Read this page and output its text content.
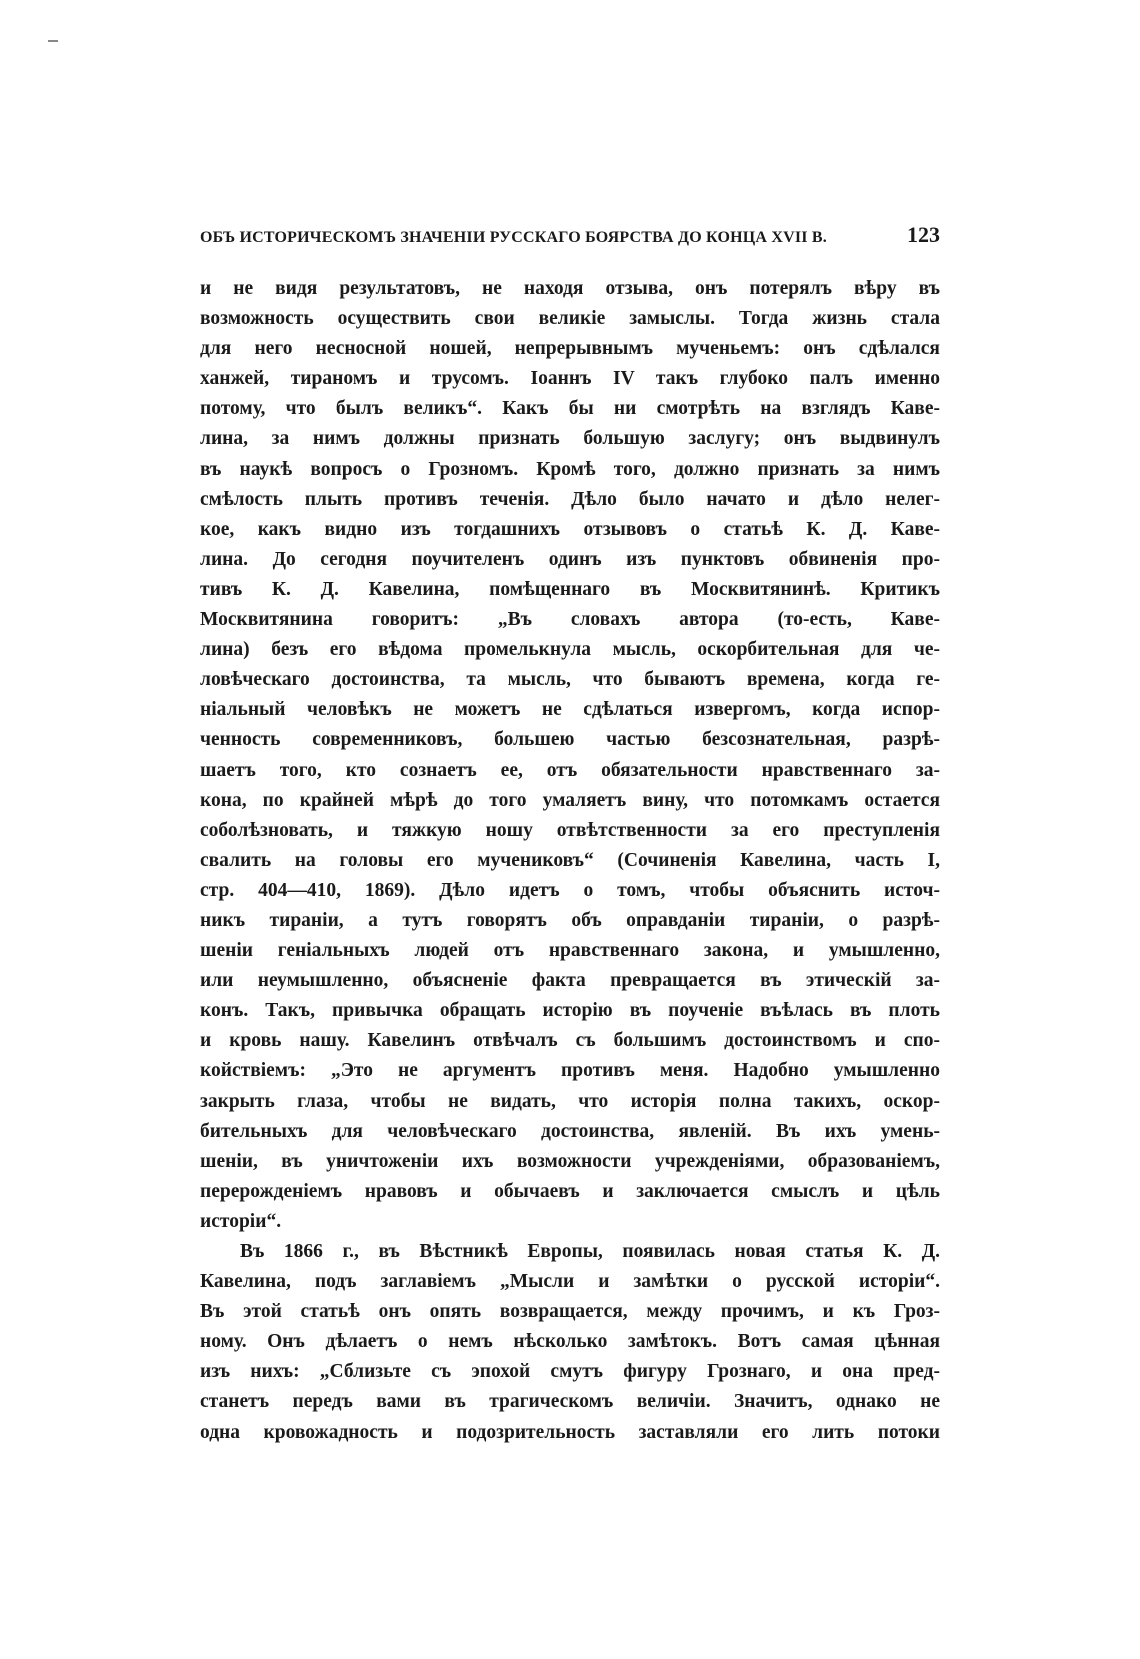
ОБЪ ИСТОРИЧЕСКОМЪ ЗНАЧЕНІИ РУССКАГО БОЯРСТВА ДО КОНЦА XVII В.	123
и не видя результатовъ, не находя отзыва, онъ потерялъ вѣру въ
возможность осуществить свои великіе замыслы. Тогда жизнь стала
для него несносной ношей, непрерывнымъ мученьемъ: онъ сдѣлался
ханжей, тираномъ и трусомъ. Іоаннъ IV такъ глубоко палъ именно
потому, что былъ великъ“. Какъ бы ни смотрѣть на взглядъ Каве-
лина, за нимъ должны признать большую заслугу; онъ выдвинулъ
въ наукѣ вопросъ о Грозномъ. Кромѣ того, должно признать за нимъ
смѣлость плыть противъ теченія. Дѣло было начато и дѣло нелег-
кое, какъ видно изъ тогдашнихъ отзывовъ о статьѣ К. Д. Каве-
лина. До сегодня поучителенъ одинъ изъ пунктовъ обвиненія про-
тивъ К. Д. Кавелина, помѣщеннаго въ Москвитянинѣ. Критикъ
Москвитянина говоритъ: „Въ словахъ автора (то-есть, Каве-
лина) безъ его вѣдома промелькнула мысль, оскорбительная для че-
ловѣческаго достоинства, та мысль, что бываютъ времена, когда ге-
ніальный человѣкъ не можетъ не сдѣлаться извергомъ, когда испор-
ченность современниковъ, большею частью безсознательная, разрѣ-
шаетъ того, кто сознаетъ ее, отъ обязательности нравственнаго за-
кона, по крайней мѣрѣ до того умаляетъ вину, что потомкамъ остается
соболѣзновать, и тяжкую ношу отвѣтственности за его преступленія
свалить на головы его мучениковъ“ (Сочиненія Кавелина, часть I,
стр. 404—410, 1869). Дѣло идетъ о томъ, чтобы объяснить источ-
никъ тираніи, а тутъ говорятъ объ оправданіи тираніи, о разрѣ-
шеніи геніальныхъ людей отъ нравственнаго закона, и умышленно,
или неумышленно, объясненіе факта превращается въ этическій за-
конъ. Такъ, привычка обращать исторію въ поученіе въѣлась въ плоть
и кровь нашу. Кавелинъ отвѣчалъ съ большимъ достоинствомъ и спо-
койствіемъ: „Это не аргументъ противъ меня. Надобно умышленно
закрыть глаза, чтобы не видать, что исторія полна такихъ, оскор-
бительныхъ для человѣческаго достоинства, явленій. Въ ихъ умень-
шеніи, въ уничтоженіи ихъ возможности учрежденіями, образованіемъ,
перерожденіемъ нравовъ и обычаевъ и заключается смыслъ и цѣль
исторіи“.
Въ 1866 г., въ Вѣстникѣ Европы, появилась новая статья К. Д.
Кавелина, подъ заглавіемъ „Мысли и замѣтки о русской исторіи“.
Въ этой статьѣ онъ опять возвращается, между прочимъ, и къ Гроз-
ному. Онъ дѣлаетъ о немъ нѣсколько замѣтокъ. Вотъ самая цѣнная
изъ нихъ: „Сблизьте съ эпохой смутъ фигуру Грознаго, и она пред-
станетъ передъ вами въ трагическомъ величіи. Значитъ, однако не
одна кровожадность и подозрительность заставляли его лить потоки
